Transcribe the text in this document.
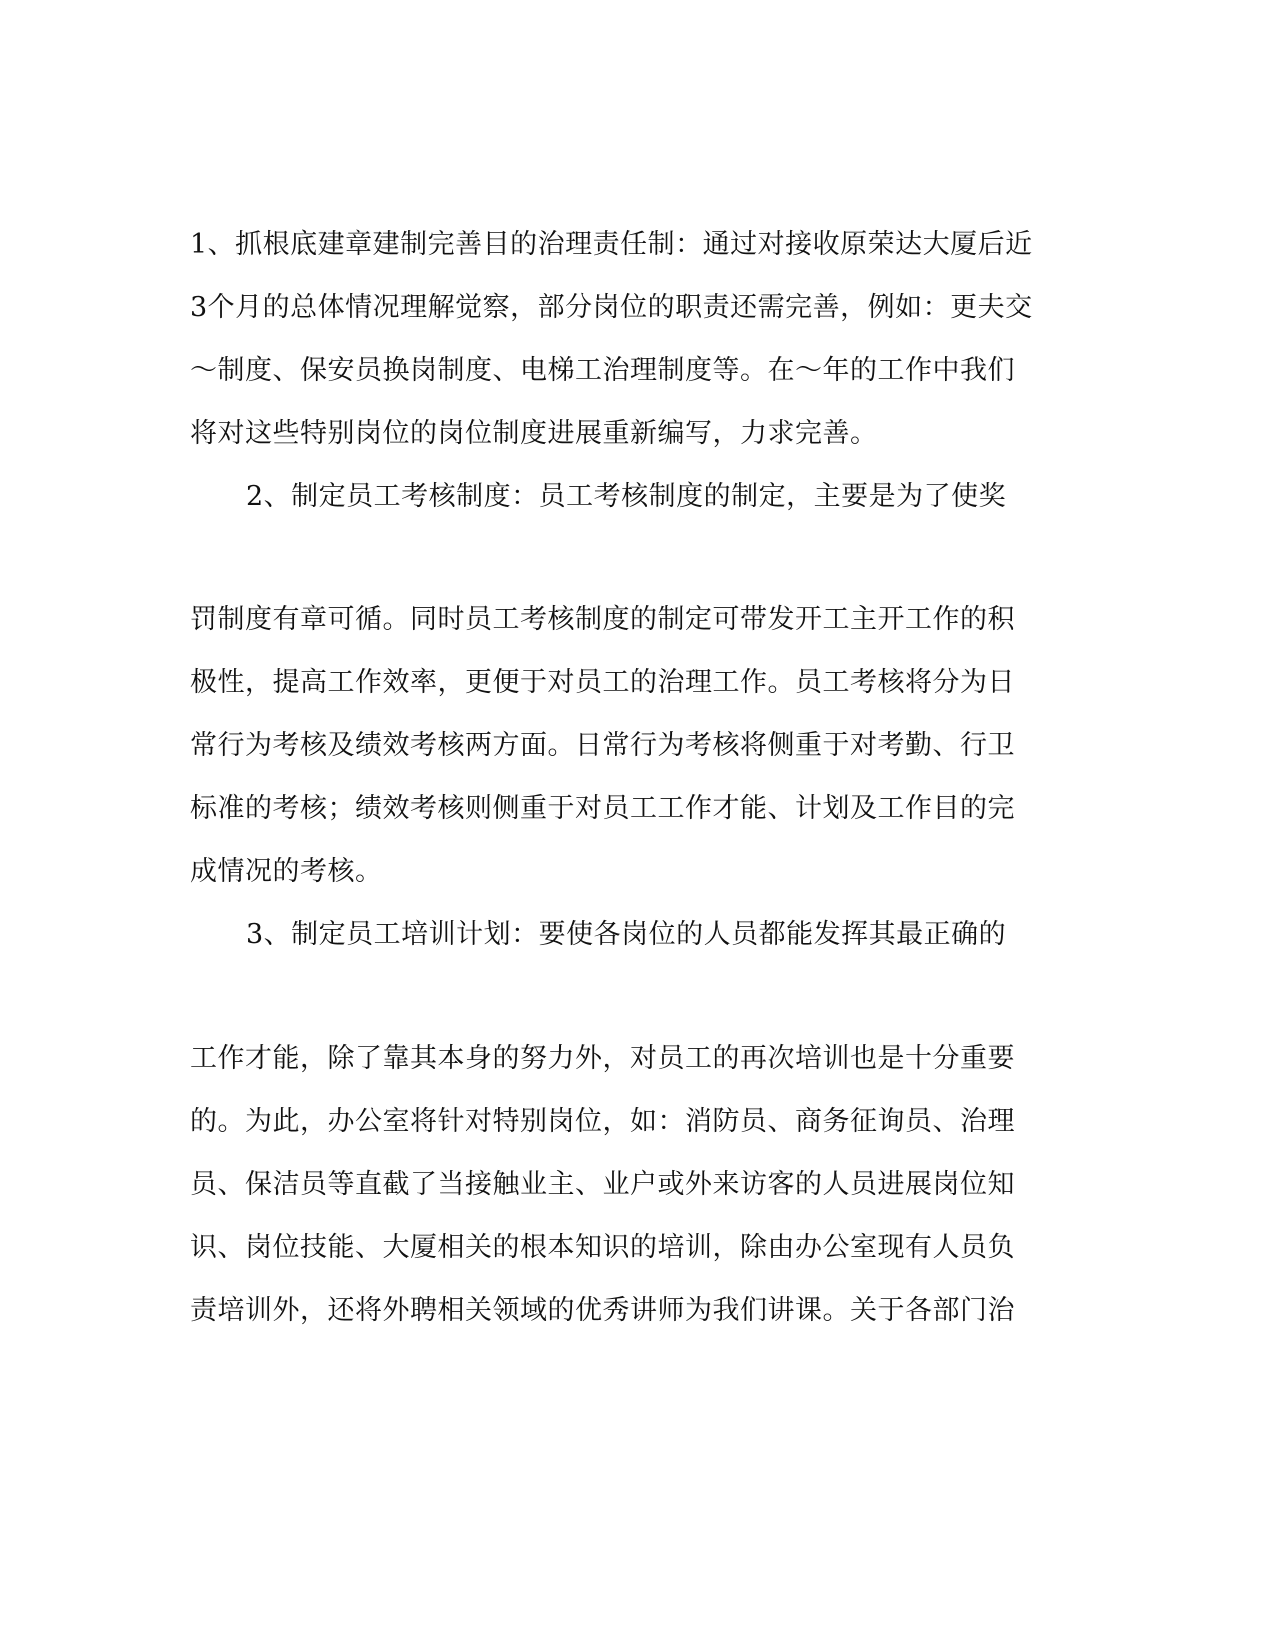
1、抓根底建章建制完善目的治理责任制：通过对接收原荣达大厦后近
3个月的总体情况理解觉察，部分岗位的职责还需完善，例如：更夫交
～制度、保安员换岗制度、电梯工治理制度等。在～年的工作中我们
将对这些特别岗位的岗位制度进展重新编写，力求完善。
2、制定员工考核制度：员工考核制度的制定，主要是为了使奖
罚制度有章可循。同时员工考核制度的制定可带发开工主开工作的积
极性，提高工作效率，更便于对员工的治理工作。员工考核将分为日
常行为考核及绩效考核两方面。日常行为考核将侧重于对考勤、行卫
标准的考核；绩效考核则侧重于对员工工作才能、计划及工作目的完
成情况的考核。
3、制定员工培训计划：要使各岗位的人员都能发挥其最正确的
工作才能，除了靠其本身的努力外，对员工的再次培训也是十分重要
的。为此，办公室将针对特别岗位，如：消防员、商务征询员、治理
员、保洁员等直截了当接触业主、业户或外来访客的人员进展岗位知
识、岗位技能、大厦相关的根本知识的培训，除由办公室现有人员负
责培训外，还将外聘相关领域的优秀讲师为我们讲课。关于各部门治
